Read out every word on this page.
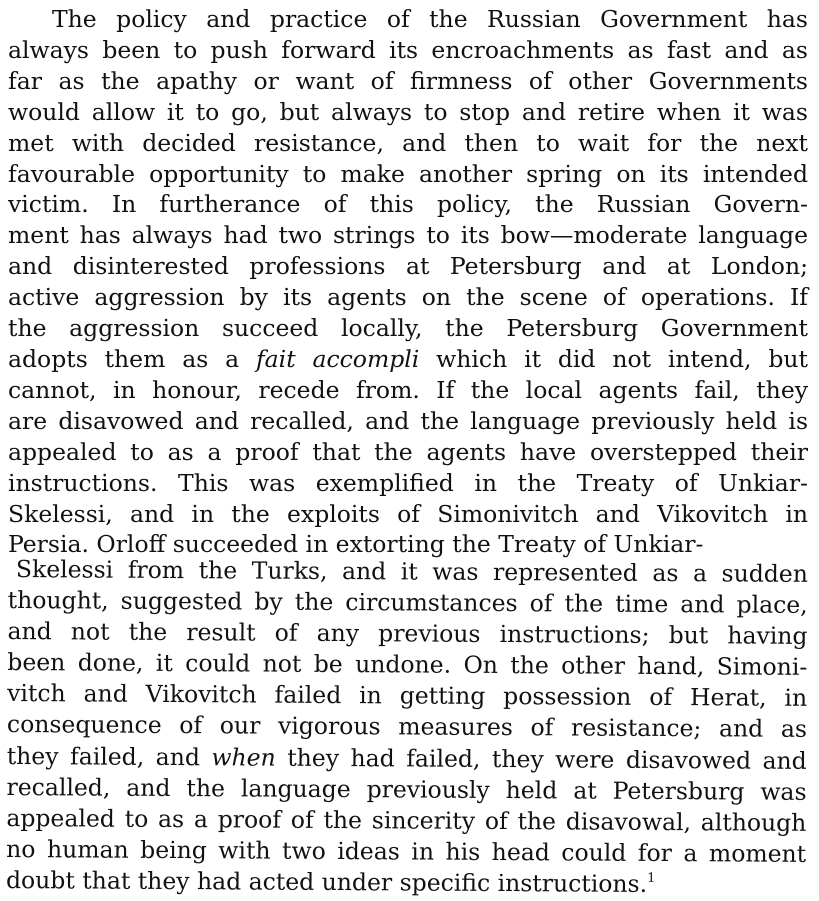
The policy and practice of the Russian Government has
always been to push forward its encroachments as fast and as
far as the apathy or want of firmness of other Governments
would allow it to go, but always to stop and retire when it was
met with decided resistance, and then to wait for the next
favourable opportunity to make another spring on its intended
victim. In furtherance of this policy, the Russian Govern-
ment has always had two strings to its bow—moderate language
and disinterested professions at Petersburg and at London;
active aggression by its agents on the scene of operations. If
the aggression succeed locally, the Petersburg Government
adopts them as a fait accompli which it did not intend, but
cannot, in honour, recede from. If the local agents fail, they
are disavowed and recalled, and the language previously held is
appealed to as a proof that the agents have overstepped their
instructions. This was exemplified in the Treaty of Unkiar-
Skelessi, and in the exploits of Simonivitch and Vikovitch in
Persia. Orloff succeeded in extorting the Treaty of Unkiar-
Skelessi from the Turks, and it was represented as a sudden
thought, suggested by the circumstances of the time and place,
and not the result of any previous instructions; but having
been done, it could not be undone. On the other hand, Simoni-
vitch and Vikovitch failed in getting possession of Herat, in
consequence of our vigorous measures of resistance; and as
they failed, and when they had failed, they were disavowed and
recalled, and the language previously held at Petersburg was
appealed to as a proof of the sincerity of the disavowal, although
no human being with two ideas in his head could for a moment
doubt that they had acted under specific instructions.$^1$
